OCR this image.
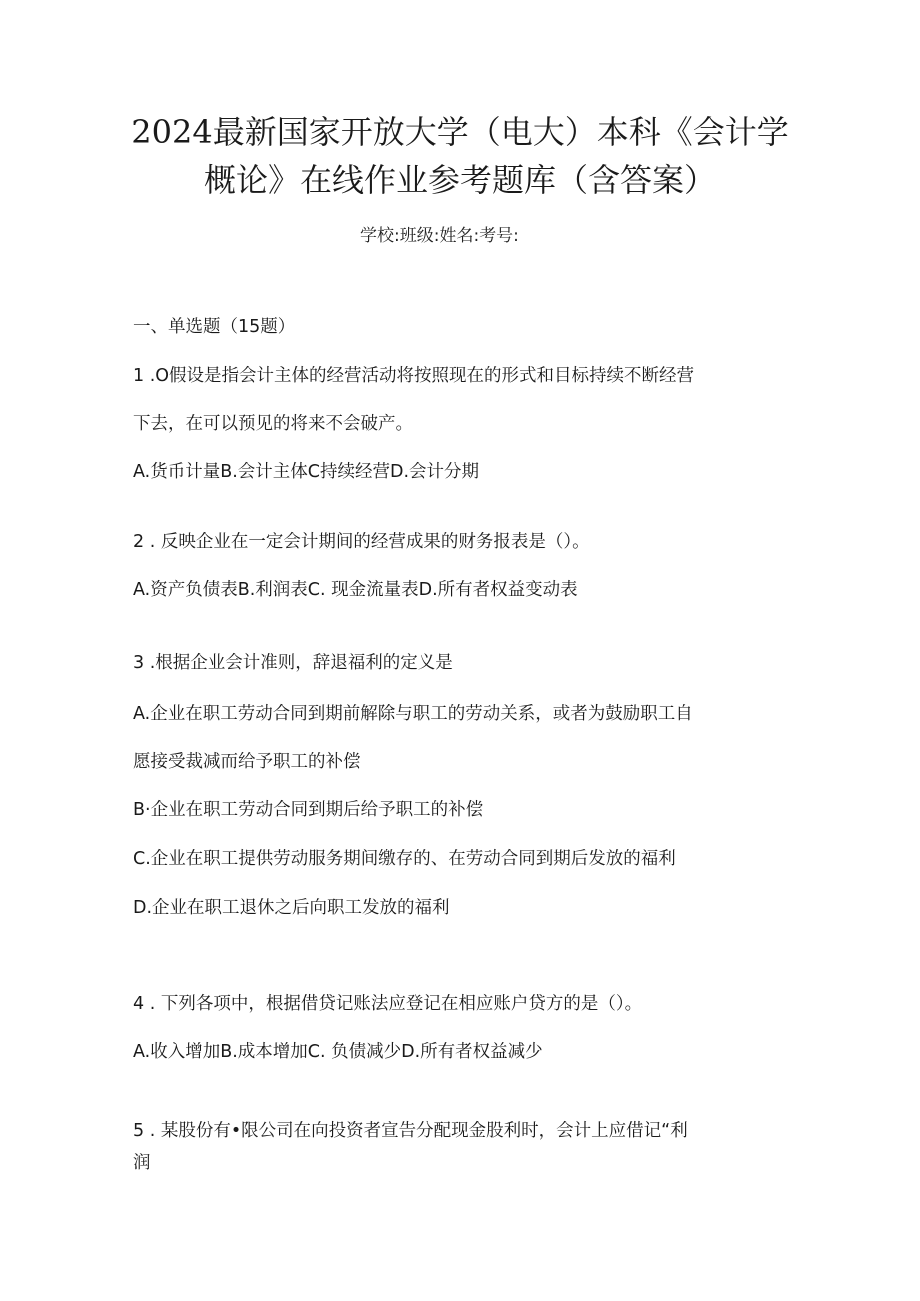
2024最新国家开放大学（电大）本科《会计学
概论》在线作业参考题库（含答案）
学校:班级:姓名:考号:
一、单选题（15题）
1 .O假设是指会计主体的经营活动将按照现在的形式和目标持续不断经营
下去，在可以预见的将来不会破产。
A.货币计量B.会计主体C持续经营D.会计分期
2 . 反映企业在一定会计期间的经营成果的财务报表是（）。
A.资产负债表B.利润表C. 现金流量表D.所有者权益变动表
3 .根据企业会计准则，辞退福利的定义是
A.企业在职工劳动合同到期前解除与职工的劳动关系，或者为鼓励职工自
愿接受裁减而给予职工的补偿
B·企业在职工劳动合同到期后给予职工的补偿
C.企业在职工提供劳动服务期间缴存的、在劳动合同到期后发放的福利
D.企业在职工退休之后向职工发放的福利
4 . 下列各项中，根据借贷记账法应登记在相应账户贷方的是（）。
A.收入增加B.成本增加C. 负债减少D.所有者权益减少
5 . 某股份有•限公司在向投资者宣告分配现金股利时，会计上应借记“利
润
